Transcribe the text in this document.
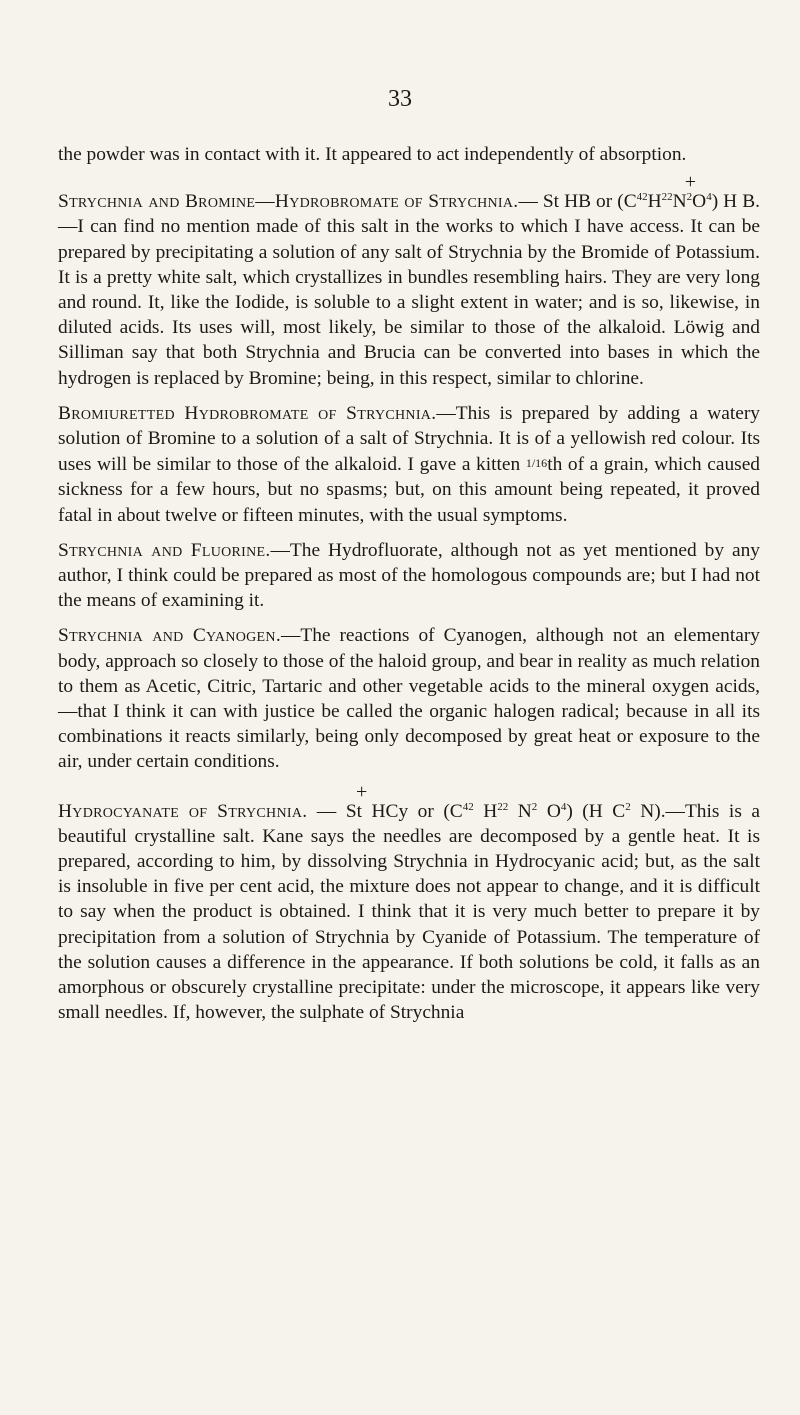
33

the powder was in contact with it. It appeared to act independently of absorption.

+

Strychnia and Bromine—Hydrobromate of Strychnia.— St HB or $(C^{42}H^{22}N^2O^4)$ H B.—I can find no mention made of this salt in the works to which I have access. It can be prepared by precipitating a solution of any salt of Strychnia by the Bromide of Potassium. It is a pretty white salt, which crystallizes in bundles resembling hairs. They are very long and round. It, like the Iodide, is soluble to a slight extent in water; and is so, likewise, in diluted acids. Its uses will, most likely, be similar to those of the alkaloid. Löwig and Silliman say that both Strychnia and Brucia can be converted into bases in which the hydrogen is replaced by Bromine; being, in this respect, similar to chlorine.

Bromiuretted Hydrobromate of Strychnia.—This is prepared by adding a watery solution of Bromine to a solution of a salt of Strychnia. It is of a yellowish red colour. Its uses will be similar to those of the alkaloid. I gave a kitten 1/16th of a grain, which caused sickness for a few hours, but no spasms; but, on this amount being repeated, it proved fatal in about twelve or fifteen minutes, with the usual symptoms.

Strychnia and Fluorine.—The Hydrofluorate, although not as yet mentioned by any author, I think could be prepared as most of the homologous compounds are; but I had not the means of examining it.

Strychnia and Cyanogen.—The reactions of Cyanogen, although not an elementary body, approach so closely to those of the haloid group, and bear in reality as much relation to them as Acetic, Citric, Tartaric and other vegetable acids to the mineral oxygen acids,—that I think it can with justice be called the organic halogen radical; because in all its combinations it reacts similarly, being only decomposed by great heat or exposure to the air, under certain conditions.

+

Hydrocyanate of Strychnia. — St HCy or ($C^{42}$ $H^{22}$ $N^2$ $O^4$) (H $C^2$ N).—This is a beautiful crystalline salt. Kane says the needles are decomposed by a gentle heat. It is prepared, according to him, by dissolving Strychnia in Hydrocyanic acid; but, as the salt is insoluble in five per cent acid, the mixture does not appear to change, and it is difficult to say when the product is obtained. I think that it is very much better to prepare it by precipitation from a solution of Strychnia by Cyanide of Potassium. The temperature of the solution causes a difference in the appearance. If both solutions be cold, it falls as an amorphous or obscurely crystalline precipitate: under the microscope, it appears like very small needles. If, however, the sulphate of Strychnia
